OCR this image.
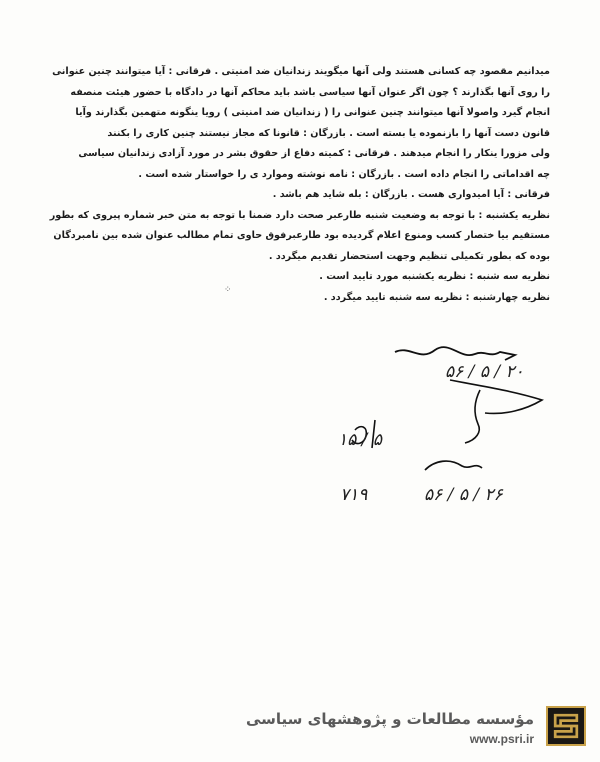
میدانیم مقصود چه کسانی هستند ولی آنها میگویند زندانیان ضد امنیتی . فرقانی : آیا میتوانند چنین عنوانی
را روی آنها بگذارند ؟ چون اگر عنوان آنها سیاسی باشد باید محاکم آنها در دادگاه با حضور هیئت منصفه
انجام گیرد واصولا آنها میتوانند چنین عنوانی را ( زندانیان ضد امنیتی ) رویا ینگونه متهمین بگذارند وآیا
قانون دست آنها را بازنموده یا بسته است . بازرگان : قانونا که مجاز نیستند چنین کاری را بکنند
ولی مزورا ینکار را انجام میدهند . فرقانی : کمیته دفاع از حقوق بشر در مورد آزادی زندانیان سیاسی
چه اقداماتی را انجام داده است . بازرگان : نامه نوشته وموارد ی را خواستار شده است .
فرقانی : آیا امیدواری هست . بازرگان : بله شاید هم باشد .
نظریه یکشنبه : با توجه به وضعیت شنبه طارعبر صحت دارد ضمنا با توجه به متن خبر شماره پیروی که بطور
مستقیم بیا ختصار کسب ومنوع اعلام گردیده بود طارعبرفوق حاوی تمام مطالب عنوان شده بین نامبردگان
بوده که بطور تکمیلی تنظیم وجهت استحضار تقدیم میگردد .
نظریه سه شنبه : نظریه یکشنبه مورد تایید است .
نظریه چهارشنبه : نظریه سه شنبه تایید میگردد .
⁘
۲۰ / ۵ / ۵۶
۵ / ۱۵
۷۱۹	۲۶ / ۵ / ۵۶
مؤسسه مطالعات و پژوهشهای سیاسی
www.psri.ir
